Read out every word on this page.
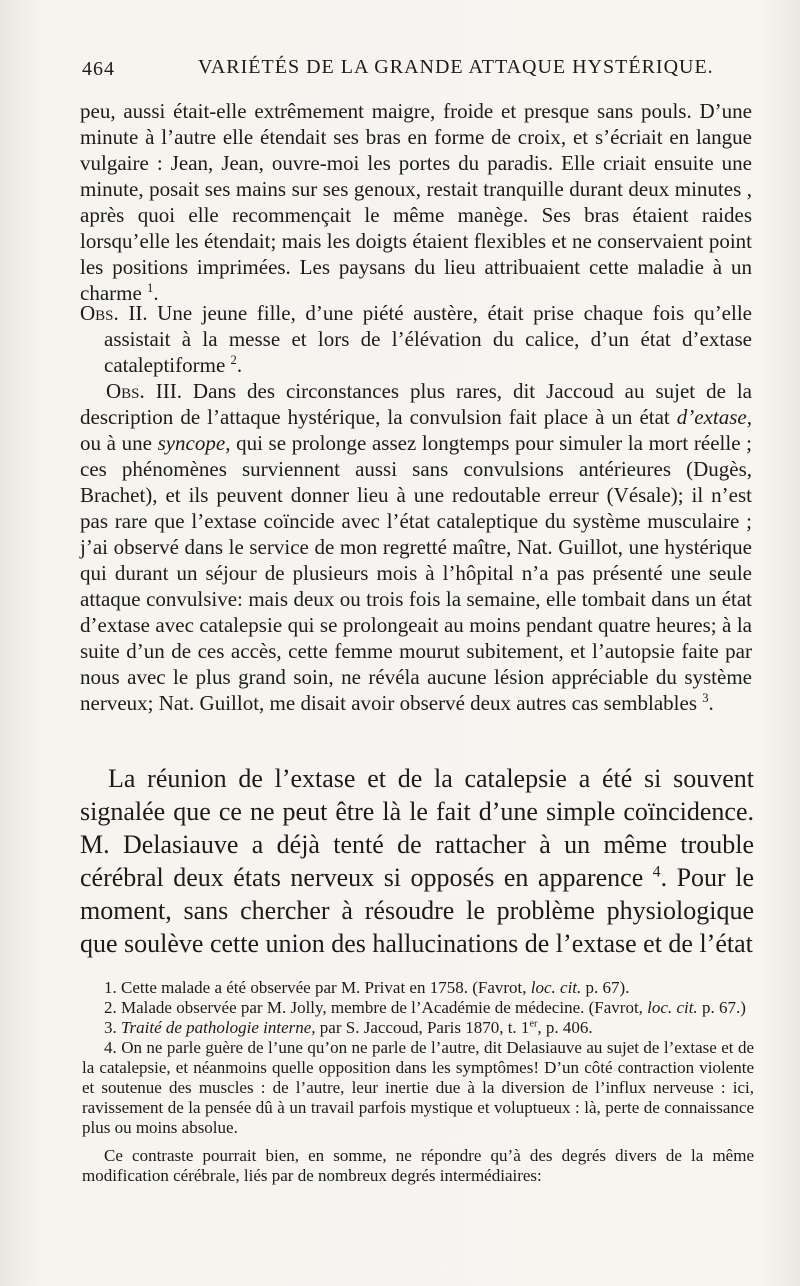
464	VARIÉTÉS DE LA GRANDE ATTAQUE HYSTÉRIQUE.

peu, aussi était-elle extrêmement maigre, froide et presque sans pouls. D’une minute à l’autre elle étendait ses bras en forme de croix, et s’écriait en langue vulgaire : Jean, Jean, ouvre-moi les portes du paradis. Elle criait ensuite une minute, posait ses mains sur ses genoux, restait tranquille durant deux minutes , après quoi elle recommençait le même manège. Ses bras étaient raides lorsqu’elle les étendait; mais les doigts étaient flexibles et ne conservaient point les positions imprimées. Les paysans du lieu attribuaient cette maladie à un charme $^1$.

Obs. II. Une jeune fille, d’une piété austère, était prise chaque fois qu’elle assistait à la messe et lors de l’élévation du calice, d’un état d’extase cataleptiforme $^2$.

Obs. III. Dans des circonstances plus rares, dit Jaccoud au sujet de la description de l’attaque hystérique, la convulsion fait place à un état d’extase, ou à une syncope, qui se prolonge assez longtemps pour simuler la mort réelle ; ces phénomènes surviennent aussi sans convulsions antérieures (Dugès, Brachet), et ils peuvent donner lieu à une redoutable erreur (Vésale); il n’est pas rare que l’extase coïncide avec l’état cataleptique du système musculaire ; j’ai observé dans le service de mon regretté maître, Nat. Guillot, une hystérique qui durant un séjour de plusieurs mois à l’hôpital n’a pas présenté une seule attaque convulsive: mais deux ou trois fois la semaine, elle tombait dans un état d’extase avec catalepsie qui se prolongeait au moins pendant quatre heures; à la suite d’un de ces accès, cette femme mourut subitement, et l’autopsie faite par nous avec le plus grand soin, ne révéla aucune lésion appréciable du système nerveux; Nat. Guillot, me disait avoir observé deux autres cas semblables $^3$.

La réunion de l’extase et de la catalepsie a été si souvent signalée que ce ne peut être là le fait d’une simple coïncidence. M. Delasiauve a déjà tenté de rattacher à un même trouble cérébral deux états nerveux si opposés en apparence $^4$. Pour le moment, sans chercher à résoudre le problème physiologique que soulève cette union des hallucinations de l’extase et de l’état

1. Cette malade a été observée par M. Privat en 1758. (Favrot, loc. cit. p. 67).

2. Malade observée par M. Jolly, membre de l’Académie de médecine. (Favrot, loc. cit. p. 67.)

3. Traité de pathologie interne, par S. Jaccoud, Paris 1870, t. 1er, p. 406.

4. On ne parle guère de l’une qu’on ne parle de l’autre, dit Delasiauve au sujet de l’extase et de la catalepsie, et néanmoins quelle opposition dans les symptômes! D’un côté contraction violente et soutenue des muscles : de l’autre, leur inertie due à la diversion de l’influx nerveuse : ici, ravissement de la pensée dû à un travail parfois mystique et voluptueux : là, perte de connaissance plus ou moins absolue.

Ce contraste pourrait bien, en somme, ne répondre qu’à des degrés divers de la même modification cérébrale, liés par de nombreux degrés intermédiaires:
